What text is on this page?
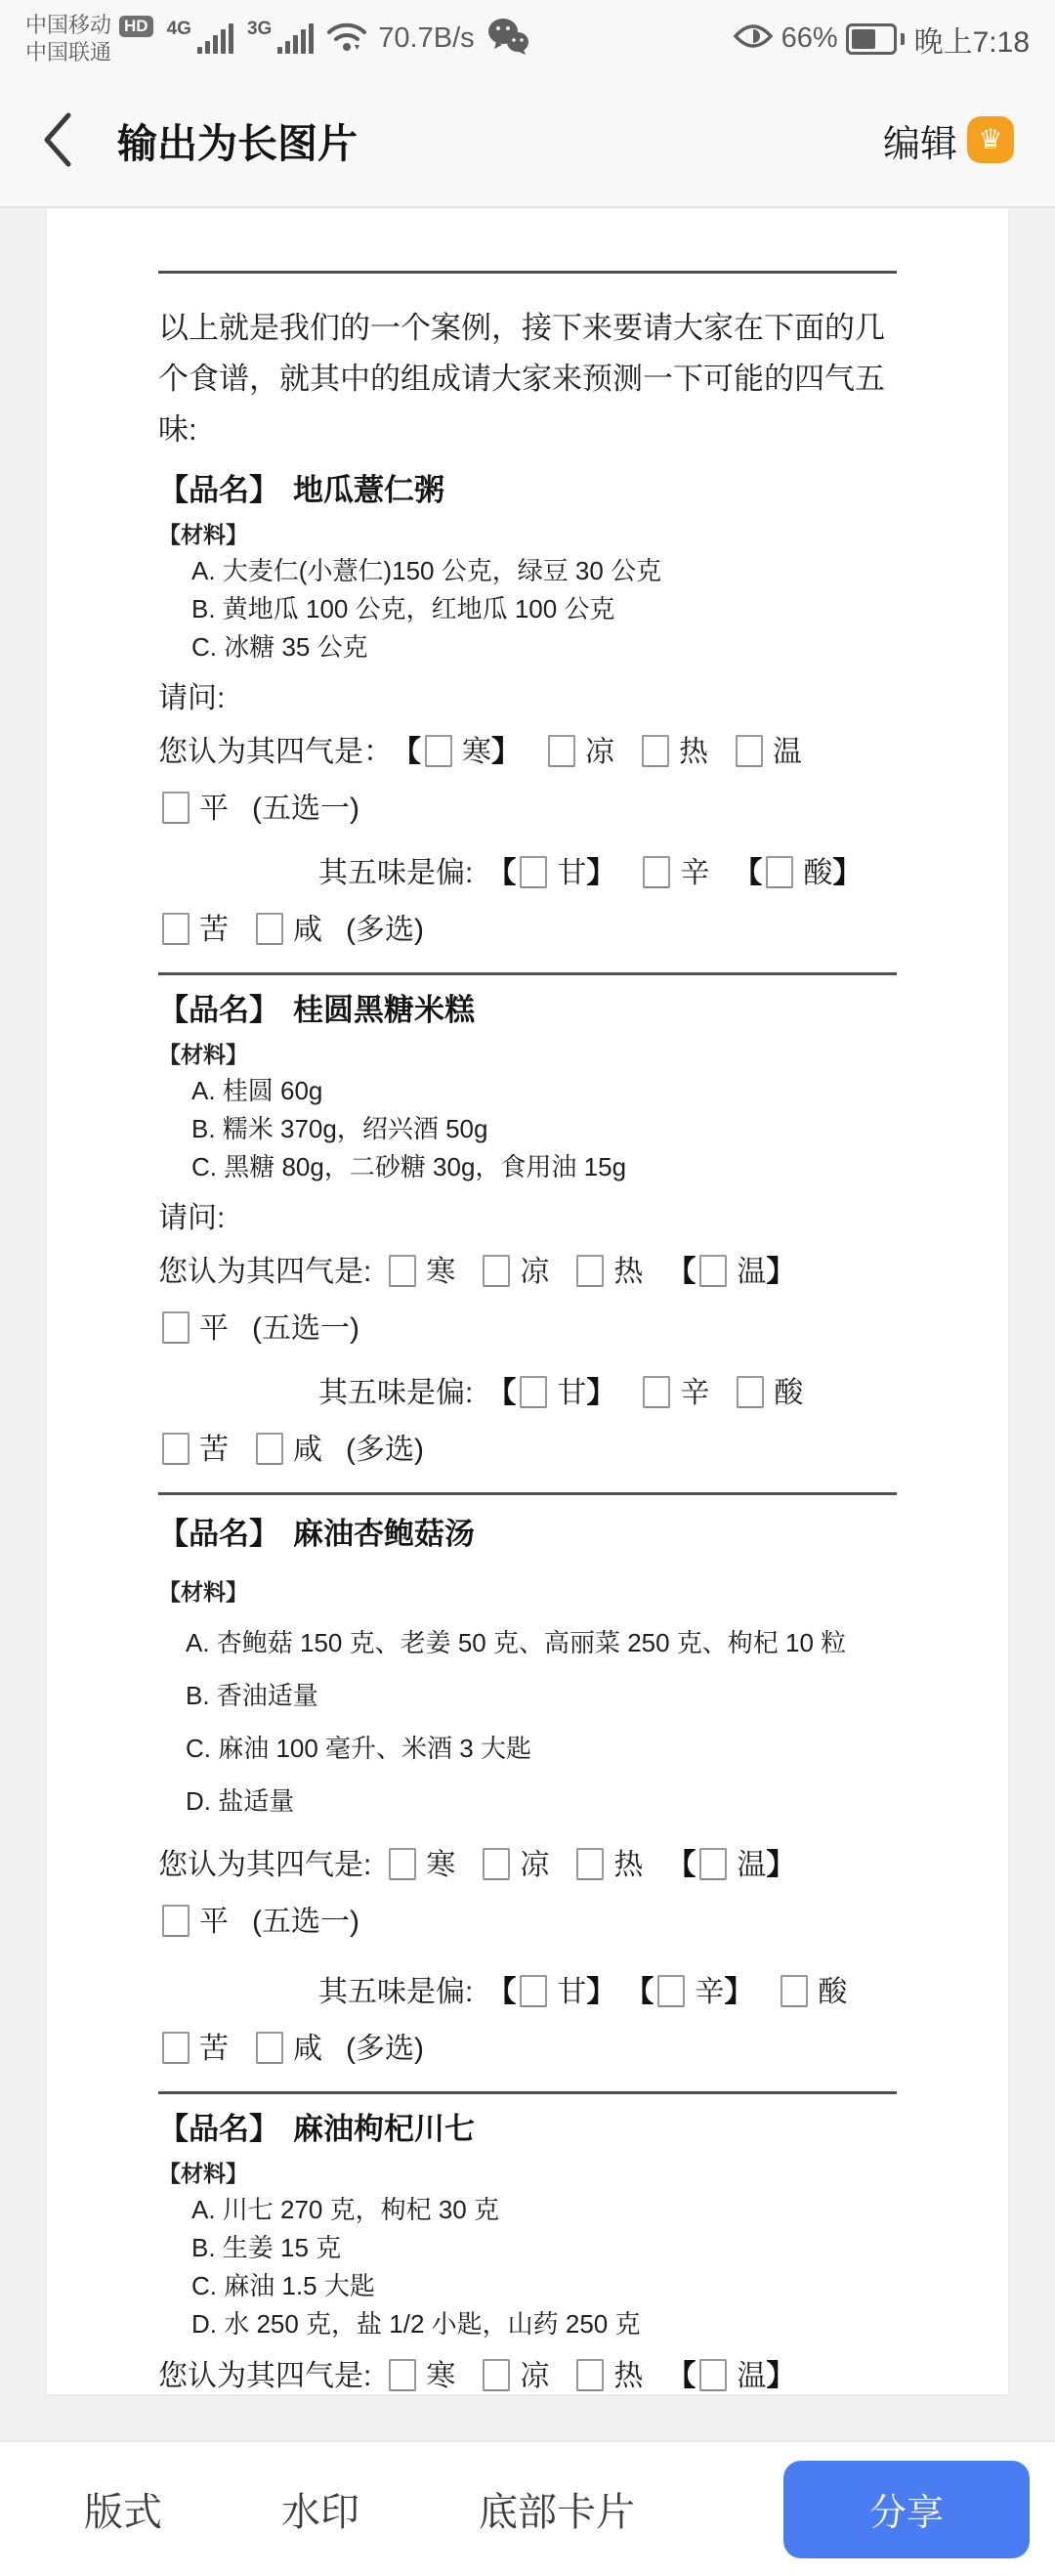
中国移动
中国联通
HD 4G	3G	70.7B/s	66%	晚上7:18
输出为长图片	编辑 ♛

以上就是我们的一个案例，接下来要请大家在下面的几个食谱，就其中的组成请大家来预测一下可能的四气五味:

【品名】 地瓜薏仁粥

【材料】

A. 大麦仁(小薏仁)150 公克，绿豆 30 公克

B. 黄地瓜 100 公克，红地瓜 100 公克

C. 冰糖 35 公克

请问:

您认为其四气是： 【 寒】 凉 热 温平 (五选一)

其五味是偏: 【 甘】 辛 【 酸】苦 咸 (多选)

【品名】 桂圆黑糖米糕

【材料】

A. 桂圆 60g

B. 糯米 370g，绍兴酒 50g

C. 黑糖 80g，二砂糖 30g，食用油 15g

请问:

您认为其四气是: 寒 凉 热 【 温】平 (五选一)

其五味是偏: 【 甘】 辛 酸苦 咸 (多选)

【品名】 麻油杏鲍菇汤

【材料】

A. 杏鲍菇 150 克、老姜 50 克、高丽菜 250 克、枸杞 10 粒

B. 香油适量

C. 麻油 100 毫升、米酒 3 大匙

D. 盐适量

您认为其四气是: 寒 凉 热 【 温】平 (五选一)

其五味是偏: 【 甘】 【 辛】 酸苦 咸 (多选)

【品名】 麻油枸杞川七

【材料】

A. 川七 270 克，枸杞 30 克

B. 生姜 15 克

C. 麻油 1.5 大匙

D. 水 250 克，盐 1/2 小匙，山药 250 克

您认为其四气是: 寒 凉 热 【 温】

版式	水印	底部卡片	分享
